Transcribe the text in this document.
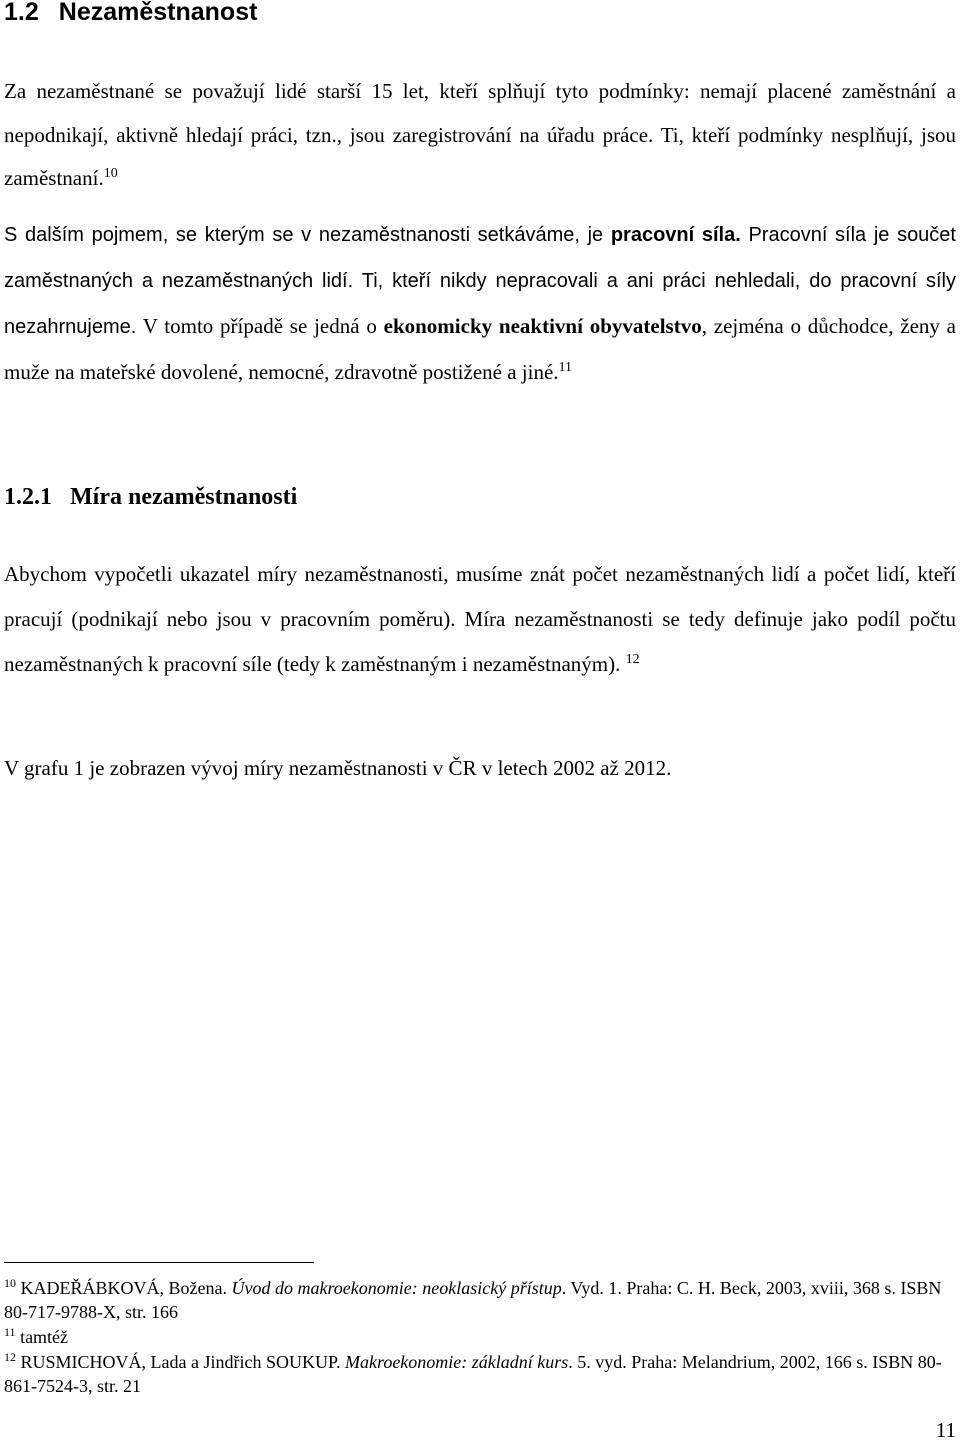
1.2 Nezaměstnanost

Za nezaměstnané se považují lidé starší 15 let, kteří splňují tyto podmínky: nemají placené zaměstnání a nepodnikají, aktivně hledají práci, tzn., jsou zaregistrování na úřadu práce. Ti, kteří podmínky nesplňují, jsou zaměstnaní.$^{10}$

S dalším pojmem, se kterým se v nezaměstnanosti setkáváme, je pracovní síla. Pracovní síla je součet zaměstnaných a nezaměstnaných lidí. Ti, kteří nikdy nepracovali a ani práci nehledali, do pracovní síly nezahrnujeme. V tomto případě se jedná o ekonomicky neaktivní obyvatelstvo, zejména o důchodce, ženy a muže na mateřské dovolené, nemocné, zdravotně postižené a jiné.$^{11}$

1.2.1 Míra nezaměstnanosti

Abychom vypočetli ukazatel míry nezaměstnanosti, musíme znát počet nezaměstnaných lidí a počet lidí, kteří pracují (podnikají nebo jsou v pracovním poměru). Míra nezaměstnanosti se tedy definuje jako podíl počtu nezaměstnaných k pracovní síle (tedy k zaměstnaným i nezaměstnaným). $^{12}$

V grafu 1 je zobrazen vývoj míry nezaměstnanosti v ČR v letech 2002 až 2012.

$^{10}$ KADEŘÁBKOVÁ, Božena. Úvod do makroekonomie: neoklasický přístup. Vyd. 1. Praha: C. H. Beck, 2003, xviii, 368 s. ISBN 80-717-9788-X, str. 166

$^{11}$ tamtéž

$^{12}$ RUSMICHOVÁ, Lada a Jindřich SOUKUP. Makroekonomie: základní kurs. 5. vyd. Praha: Melandrium, 2002, 166 s. ISBN 80-861-7524-3, str. 21

11
